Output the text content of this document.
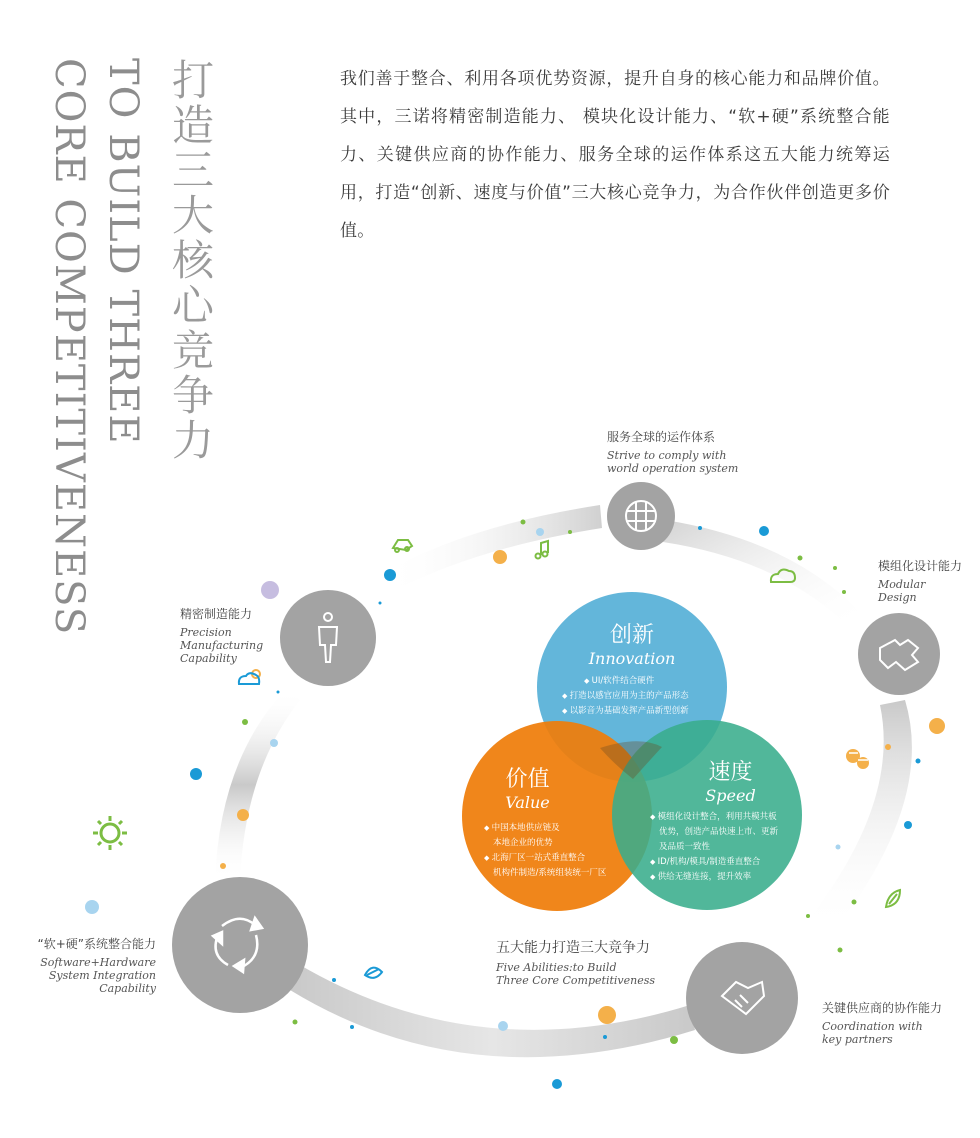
打造三大核心竞争力
TO BUILD THREE
CORE COMPETITIVENESS	我们善于整合、利用各项优势资源，提升自身的核心能力和品牌价值。其中，三诺将精密制造能力、 模块化设计能力、“软+硬”系统整合能力、关键供应商的协作能力、服务全球的运作体系这五大能力统筹运用，打造“创新、速度与价值”三大核心竞争力，为合作伙伴创造更多价值。

服务全球的运作体系
Strive to comply with
world operation system
模组化设计能力
Modular
Design
精密制造能力
Precision
Manufacturing
Capability
“软+硬”系统整合能力
Software+Hardware
System Integration
Capability
关键供应商的协作能力
Coordination with
key partners
五大能力打造三大竞争力
Five Abilities:to Build
Three Core Competitiveness
创新
Innovation
◆ UI/软件结合硬件
◆ 打造以感官应用为主的产品形态
◆ 以影音为基础发挥产品新型创新
价值
Value
◆ 中国本地供应链及
本地企业的优势
◆ 北海厂区一站式垂直整合
机构件制造/系统组装统一厂区
速度
Speed
◆ 模组化设计整合，利用共模共板
优势，创造产品快速上市、更新
及品质一致性
◆ ID/机构/模具/制造垂直整合
◆ 供给无缝连接，提升效率
